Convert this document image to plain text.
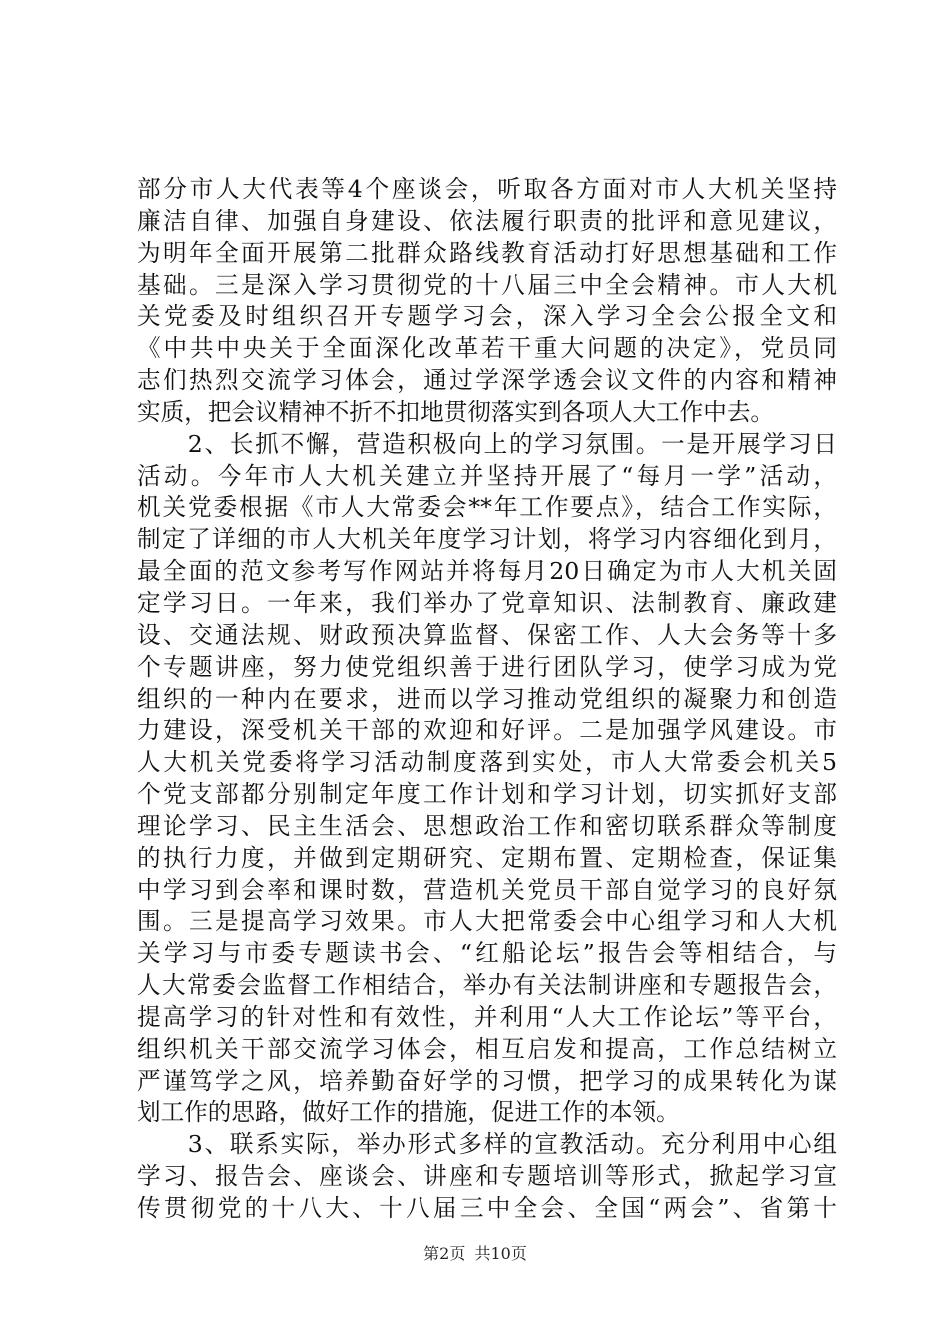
部分市人大代表等4个座谈会，听取各方面对市人大机关坚持
廉洁自律、加强自身建设、依法履行职责的批评和意见建议，
为明年全面开展第二批群众路线教育活动打好思想基础和工作
基础。三是深入学习贯彻党的十八届三中全会精神。市人大机
关党委及时组织召开专题学习会，深入学习全会公报全文和
《中共中央关于全面深化改革若干重大问题的决定》，党员同
志们热烈交流学习体会，通过学深学透会议文件的内容和精神
实质，把会议精神不折不扣地贯彻落实到各项人大工作中去。
　　2、长抓不懈，营造积极向上的学习氛围。一是开展学习日
活动。今年市人大机关建立并坚持开展了“每月一学”活动，
机关党委根据《市人大常委会**年工作要点》，结合工作实际，
制定了详细的市人大机关年度学习计划，将学习内容细化到月，
最全面的范文参考写作网站并将每月20日确定为市人大机关固
定学习日。一年来，我们举办了党章知识、法制教育、廉政建
设、交通法规、财政预决算监督、保密工作、人大会务等十多
个专题讲座，努力使党组织善于进行团队学习，使学习成为党
组织的一种内在要求，进而以学习推动党组织的凝聚力和创造
力建设，深受机关干部的欢迎和好评。二是加强学风建设。市
人大机关党委将学习活动制度落到实处，市人大常委会机关5
个党支部都分别制定年度工作计划和学习计划，切实抓好支部
理论学习、民主生活会、思想政治工作和密切联系群众等制度
的执行力度，并做到定期研究、定期布置、定期检查，保证集
中学习到会率和课时数，营造机关党员干部自觉学习的良好氛
围。三是提高学习效果。市人大把常委会中心组学习和人大机
关学习与市委专题读书会、“红船论坛”报告会等相结合，与
人大常委会监督工作相结合，举办有关法制讲座和专题报告会，
提高学习的针对性和有效性，并利用“人大工作论坛”等平台，
组织机关干部交流学习体会，相互启发和提高，工作总结树立
严谨笃学之风，培养勤奋好学的习惯，把学习的成果转化为谋
划工作的思路，做好工作的措施，促进工作的本领。
　　3、联系实际，举办形式多样的宣教活动。充分利用中心组
学习、报告会、座谈会、讲座和专题培训等形式，掀起学习宣
传贯彻党的十八大、十八届三中全会、全国“两会”、省第十
第2页 共10页
